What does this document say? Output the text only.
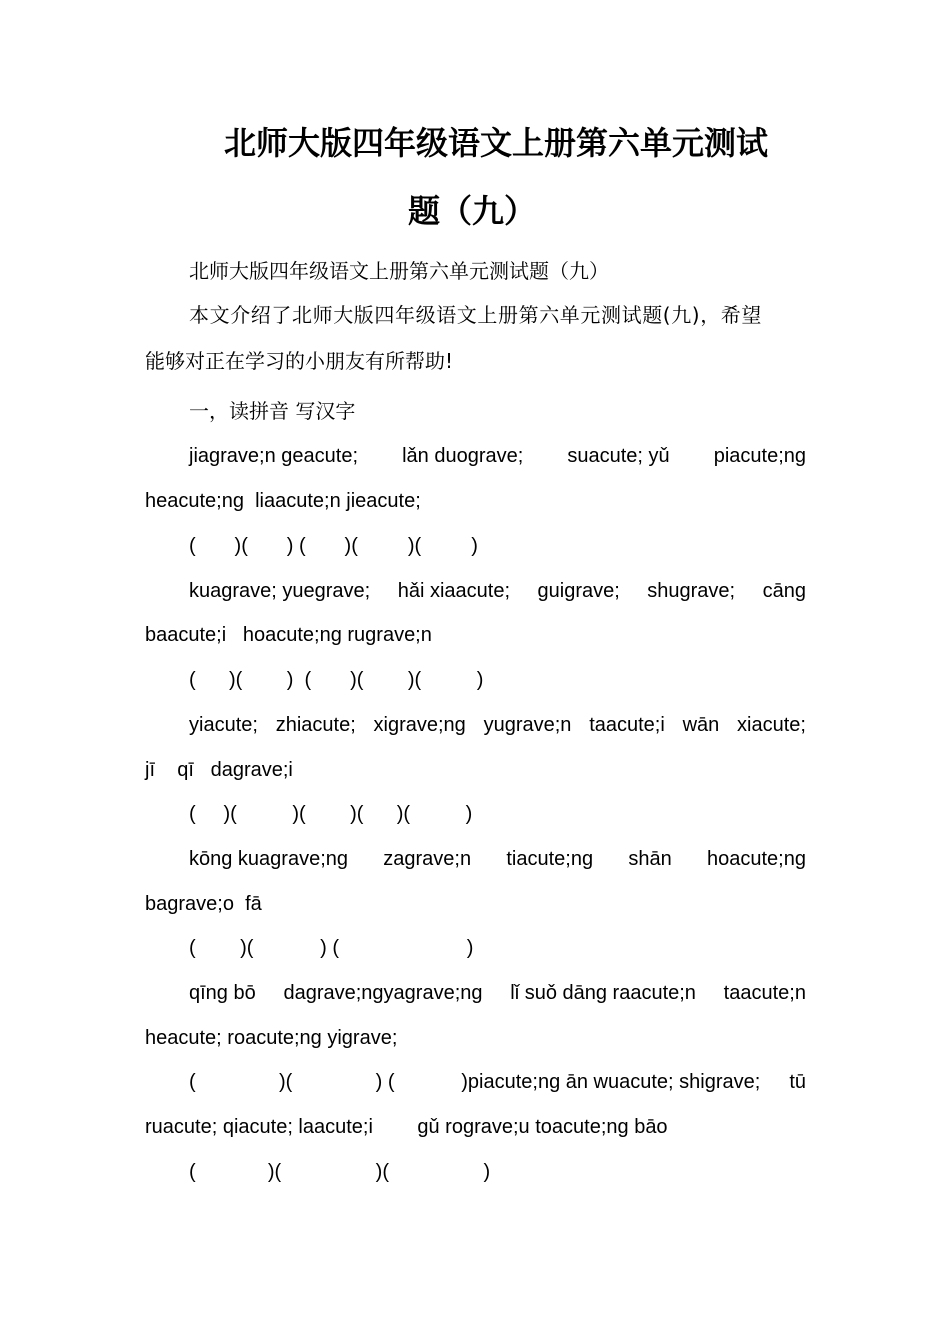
北师大版四年级语文上册第六单元测试
题（九）
北师大版四年级语文上册第六单元测试题（九）
本文介绍了北师大版四年级语文上册第六单元测试题(九)，希望
能够对正在学习的小朋友有所帮助!
一，读拼音 写汉字
jiagrave;n geacute; lǎn duograve; suacute; yǔ piacute;ng
heacute;ng  liaacute;n jieacute;
(       )(       ) (       )(         )(         )
kuagrave; yuegrave; hǎi xiaacute; guigrave; shugrave; cāng
baacute;i   hoacute;ng rugrave;n
(      )(        )  (       )(        )(          )
yiacute; zhiacute; xigrave;ng yugrave;n taacute;i wān xiacute;
jī    qī   dagrave;i
(     )(          )(        )(      )(          )
kōng kuagrave;ng zagrave;n tiacute;ng shān hoacute;ng
bagrave;o  fā
(        )(            ) (                       )
qīng bō dagrave;ngyagrave;ng lǐ suǒ dāng raacute;n taacute;n
heacute; roacute;ng yigrave;
(               )(               ) (            )piacute;ng ān wuacute; shigrave; tū
ruacute; qiacute; laacute;i        gǔ rograve;u toacute;ng bāo
(             )(                 )(                 )
